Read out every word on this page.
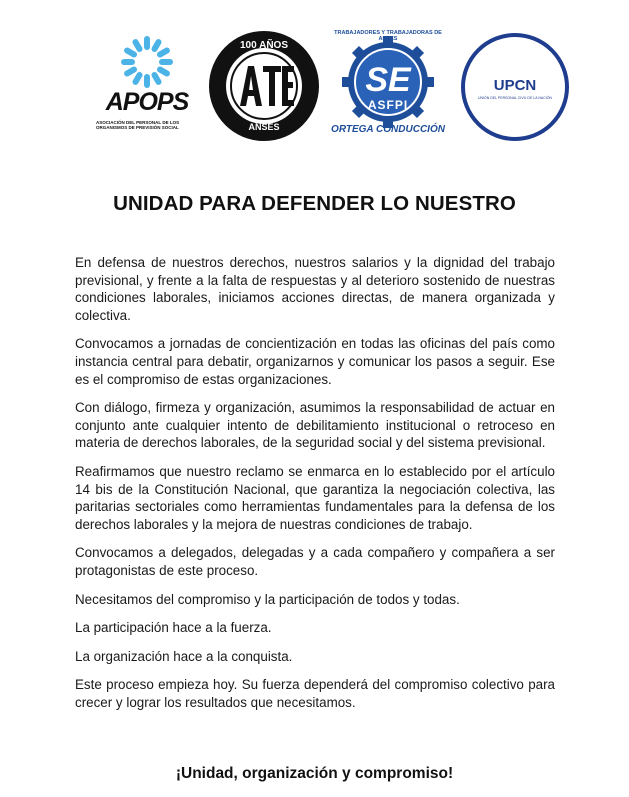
APOPS
ASOCIACIÓN DEL PERSONAL DE LOS ORGANISMOS DE PREVISIÓN SOCIAL
100 AÑOS
ANSES
TRABAJADORES Y TRABAJADORAS DE ANSES
SE
ASFPI
ORTEGA CONDUCCIÓN
UPCN
UNIÓN DEL PERSONAL CIVIL DE LA NACIÓN
UNIDAD PARA DEFENDER LO NUESTRO

En defensa de nuestros derechos, nuestros salarios y la dignidad del trabajo previsional, y frente a la falta de respuestas y al deterioro sostenido de nuestras condiciones laborales, iniciamos acciones directas, de manera organizada y colectiva.

Convocamos a jornadas de concientización en todas las oficinas del país como instancia central para debatir, organizarnos y comunicar los pasos a seguir. Ese es el compromiso de estas organizaciones.

Con diálogo, firmeza y organización, asumimos la responsabilidad de actuar en conjunto ante cualquier intento de debilitamiento institucional o retroceso en materia de derechos laborales, de la seguridad social y del sistema previsional.

Reafirmamos que nuestro reclamo se enmarca en lo establecido por el artículo 14 bis de la Constitución Nacional, que garantiza la negociación colectiva, las paritarias sectoriales como herramientas fundamentales para la defensa de los derechos laborales y la mejora de nuestras condiciones de trabajo.

Convocamos a delegados, delegadas y a cada compañero y compañera a ser protagonistas de este proceso.

Necesitamos del compromiso y la participación de todos y todas.

La participación hace a la fuerza.

La organización hace a la conquista.

Este proceso empieza hoy. Su fuerza dependerá del compromiso colectivo para crecer y lograr los resultados que necesitamos.

¡Unidad, organización y compromiso!
